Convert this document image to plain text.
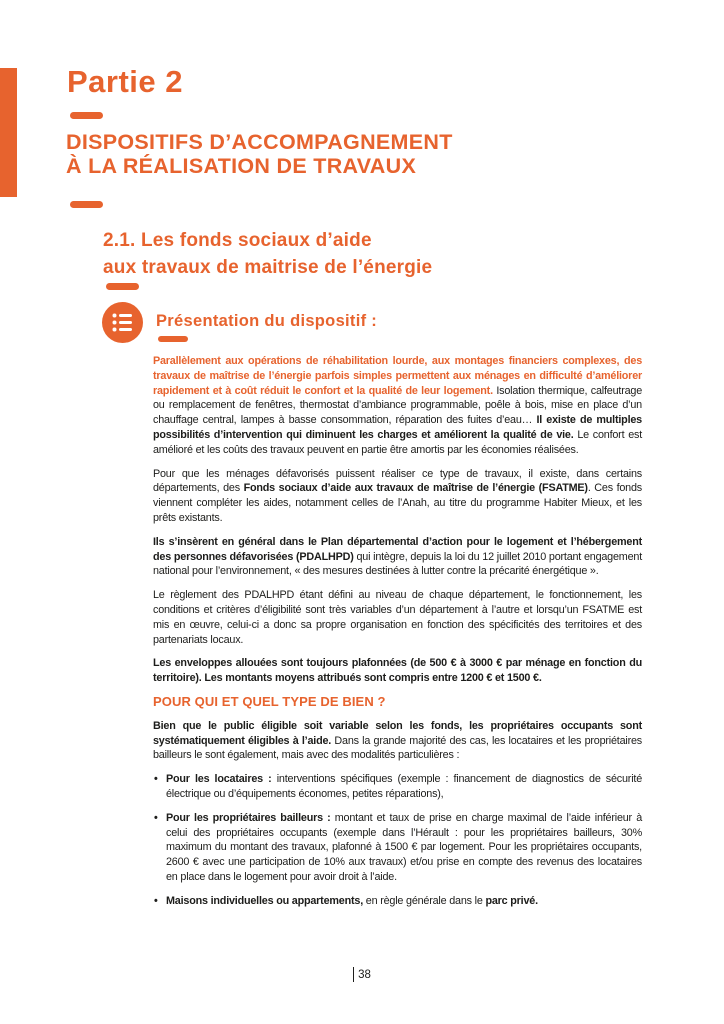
Partie 2
DISPOSITIFS D’ACCOMPAGNEMENT
À LA RÉALISATION DE TRAVAUX
2.1. Les fonds sociaux d’aide
aux travaux de maitrise de l’énergie
Présentation du dispositif :

Parallèlement aux opérations de réhabilitation lourde, aux montages financiers complexes, des travaux de maîtrise de l’énergie parfois simples permettent aux ménages en difficulté d’améliorer rapidement et à coût réduit le confort et la qualité de leur logement. Isolation thermique, calfeutrage ou remplacement de fenêtres, thermostat d’ambiance programmable, poêle à bois, mise en place d’un chauffage central, lampes à basse consommation, réparation des fuites d’eau… Il existe de multiples possibilités d’intervention qui diminuent les charges et améliorent la qualité de vie. Le confort est amélioré et les coûts des travaux peuvent en partie être amortis par les économies réalisées.

Pour que les ménages défavorisés puissent réaliser ce type de travaux, il existe, dans certains départements, des Fonds sociaux d’aide aux travaux de maîtrise de l’énergie (FSATME). Ces fonds viennent compléter les aides, notamment celles de l’Anah, au titre du programme Habiter Mieux, et les prêts existants.

Ils s’insèrent en général dans le Plan départemental d’action pour le logement et l’hébergement des personnes défavorisées (PDALHPD) qui intègre, depuis la loi du 12 juillet 2010 portant engagement national pour l’environnement, « des mesures destinées à lutter contre la précarité énergétique ».

Le règlement des PDALHPD étant défini au niveau de chaque département, le fonctionnement, les conditions et critères d’éligibilité sont très variables d’un département à l’autre et lorsqu’un FSATME est mis en œuvre, celui-ci a donc sa propre organisation en fonction des spécificités des territoires et des partenariats locaux.

Les enveloppes allouées sont toujours plafonnées (de 500 € à 3000 € par ménage en fonction du territoire). Les montants moyens attribués sont compris entre 1200 € et 1500 €.

POUR QUI ET QUEL TYPE DE BIEN ?

Bien que le public éligible soit variable selon les fonds, les propriétaires occupants sont systématiquement éligibles à l’aide. Dans la grande majorité des cas, les locataires et les propriétaires bailleurs le sont également, mais avec des modalités particulières :

• Pour les locataires : interventions spécifiques (exemple : financement de diagnostics de sécurité électrique ou d’équipements économes, petites réparations),
• Pour les propriétaires bailleurs : montant et taux de prise en charge maximal de l’aide inférieur à celui des propriétaires occupants (exemple dans l’Hérault : pour les propriétaires bailleurs, 30% maximum du montant des travaux, plafonné à 1500 € par logement. Pour les propriétaires occupants, 2600 € avec une participation de 10% aux travaux) et/ou prise en compte des revenus des locataires en place dans le logement pour avoir droit à l’aide.
• Maisons individuelles ou appartements, en règle générale dans le parc privé.
38
